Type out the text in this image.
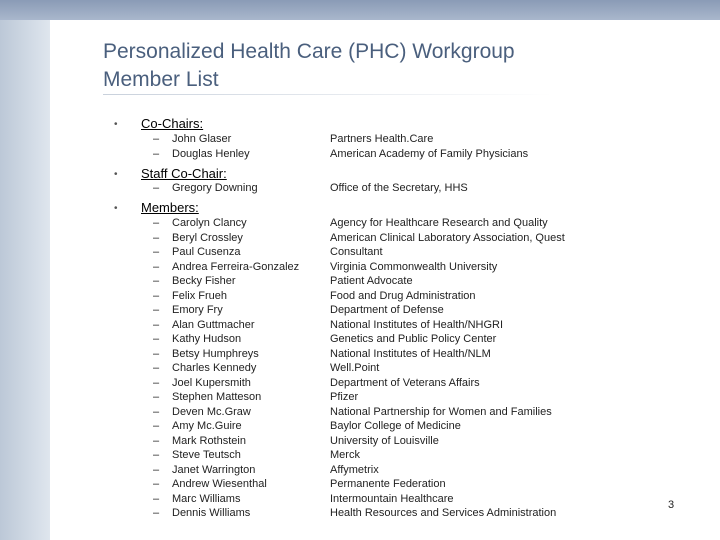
Personalized Health Care (PHC) Workgroup
Member List
• Co-Chairs:
–	John Glaser	Partners Health.Care
–	Douglas Henley	American Academy of Family Physicians
• Staff Co-Chair:
–	Gregory Downing	Office of the Secretary, HHS
• Members:
–	Carolyn Clancy	Agency for Healthcare Research and Quality
–	Beryl Crossley	American Clinical Laboratory Association, Quest
–	Paul Cusenza	Consultant
–	Andrea Ferreira-Gonzalez	Virginia Commonwealth University
–	Becky Fisher	Patient Advocate
–	Felix Frueh	Food and Drug Administration
–	Emory Fry	Department of Defense
–	Alan Guttmacher	National Institutes of Health/NHGRI
–	Kathy Hudson	Genetics and Public Policy Center
–	Betsy Humphreys	National Institutes of Health/NLM
–	Charles Kennedy	Well.Point
–	Joel Kupersmith	Department of Veterans Affairs
–	Stephen Matteson	Pfizer
–	Deven Mc.Graw	National Partnership for Women and Families
–	Amy Mc.Guire	Baylor College of Medicine
–	Mark Rothstein	University of Louisville
–	Steve Teutsch	Merck
–	Janet Warrington	Affymetrix
–	Andrew Wiesenthal	Permanente Federation
–	Marc Williams	Intermountain Healthcare
–	Dennis Williams	Health Resources and Services Administration
3
